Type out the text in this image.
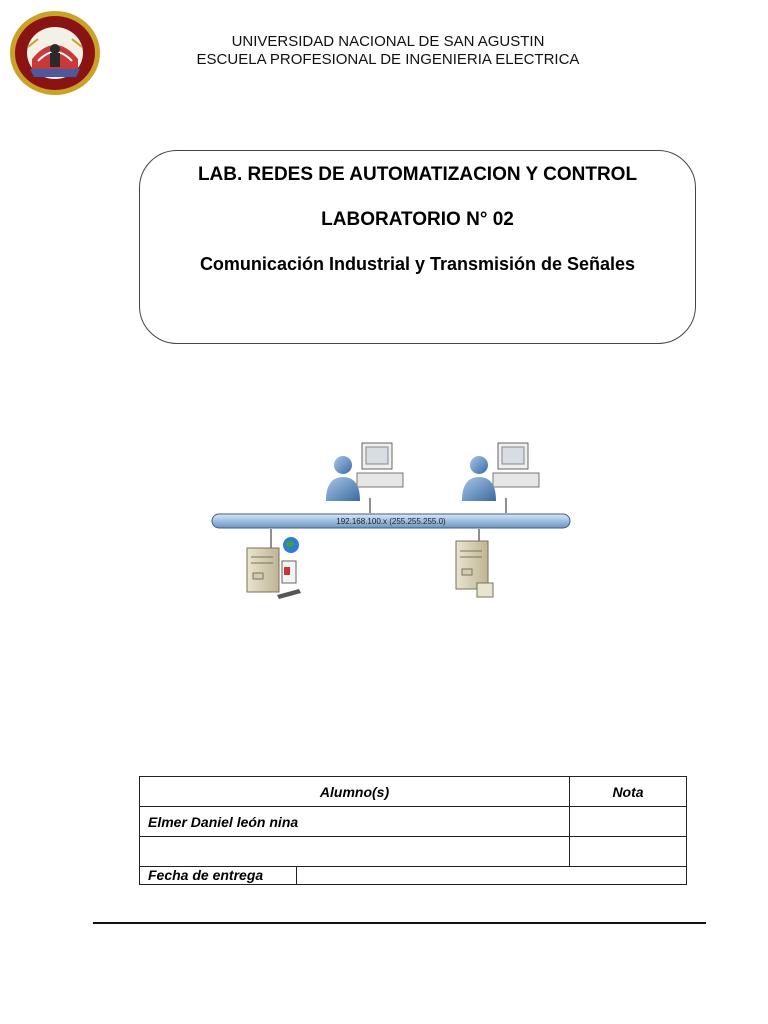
UNIVERSIDAD NACIONAL DE SAN AGUSTIN
ESCUELA PROFESIONAL DE INGENIERIA ELECTRICA
LAB. REDES DE AUTOMATIZACION Y CONTROL
LABORATORIO N° 02
Comunicación Industrial y Transmisión de Señales
192.168.100.x (255.255.255.0)
Alumno(s)	Nota
Elmer Daniel león nina	

Fecha de entrega	
